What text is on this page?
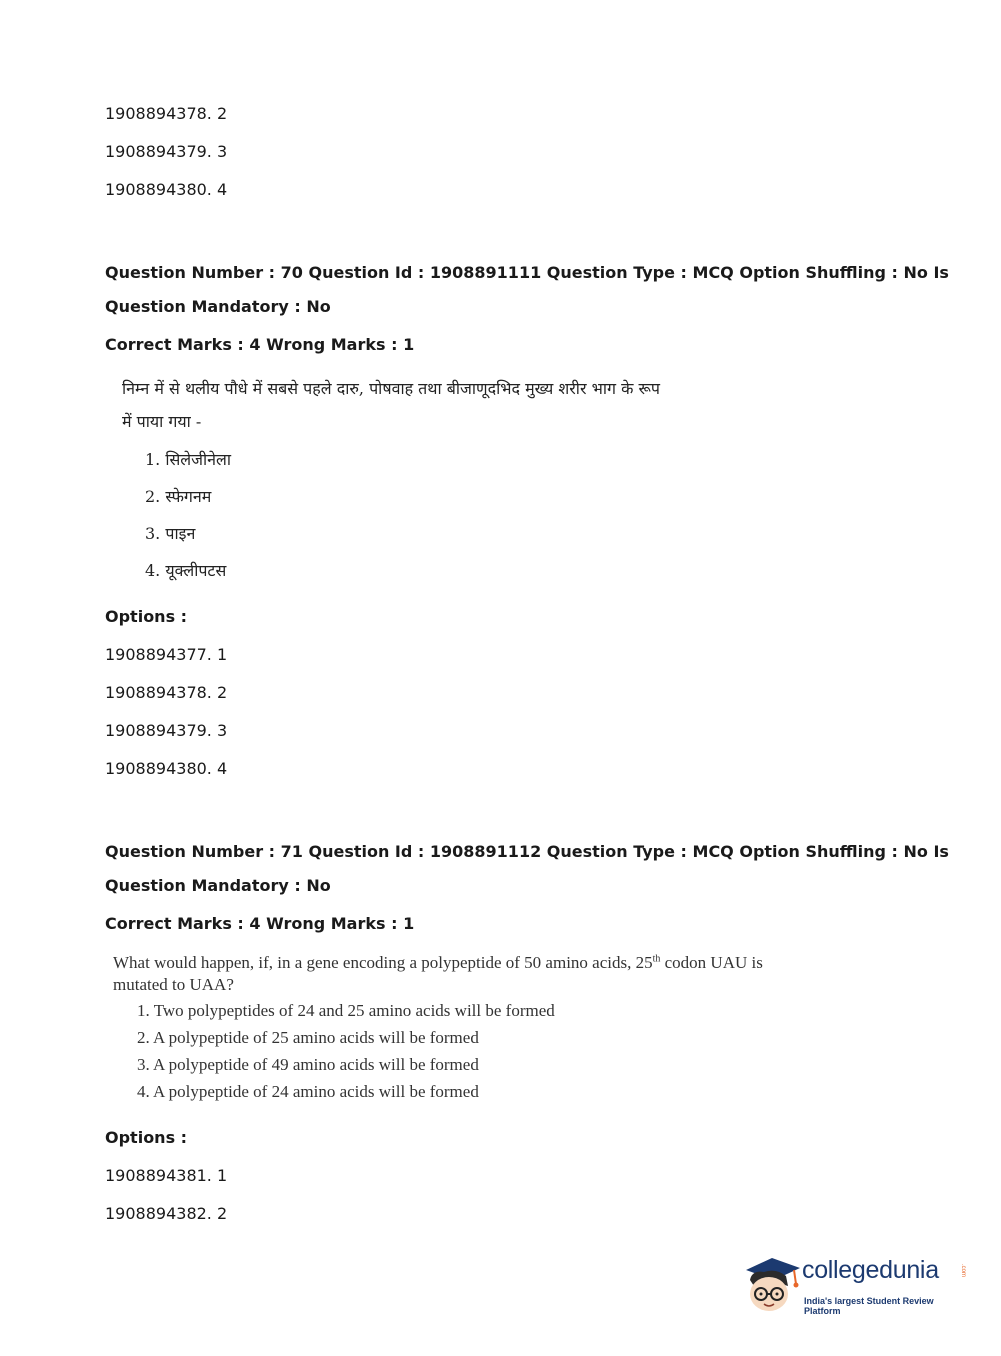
1908894378. 2
1908894379. 3
1908894380. 4
Question Number : 70 Question Id : 1908891111 Question Type : MCQ Option Shuffling : No Is
Question Mandatory : No
Correct Marks : 4 Wrong Marks : 1
निम्न में से थलीय पौधे में सबसे पहले दारु, पोषवाह तथा बीजाणूदभिद मुख्य शरीर भाग के रूप
में पाया गया -
1. सिलेजीनेला
2. स्फेगनम
3. पाइन
4. यूक्लीपटस
Options :
1908894377. 1
1908894378. 2
1908894379. 3
1908894380. 4
Question Number : 71 Question Id : 1908891112 Question Type : MCQ Option Shuffling : No Is
Question Mandatory : No
Correct Marks : 4 Wrong Marks : 1
What would happen, if, in a gene encoding a polypeptide of 50 amino acids, 25th codon UAU is
mutated to UAA?
1. Two polypeptides of 24 and 25 amino acids will be formed
2. A polypeptide of 25 amino acids will be formed
3. A polypeptide of 49 amino acids will be formed
4. A polypeptide of 24 amino acids will be formed
Options :
1908894381. 1
1908894382. 2
collegedunia	.com
India's largest Student Review Platform
